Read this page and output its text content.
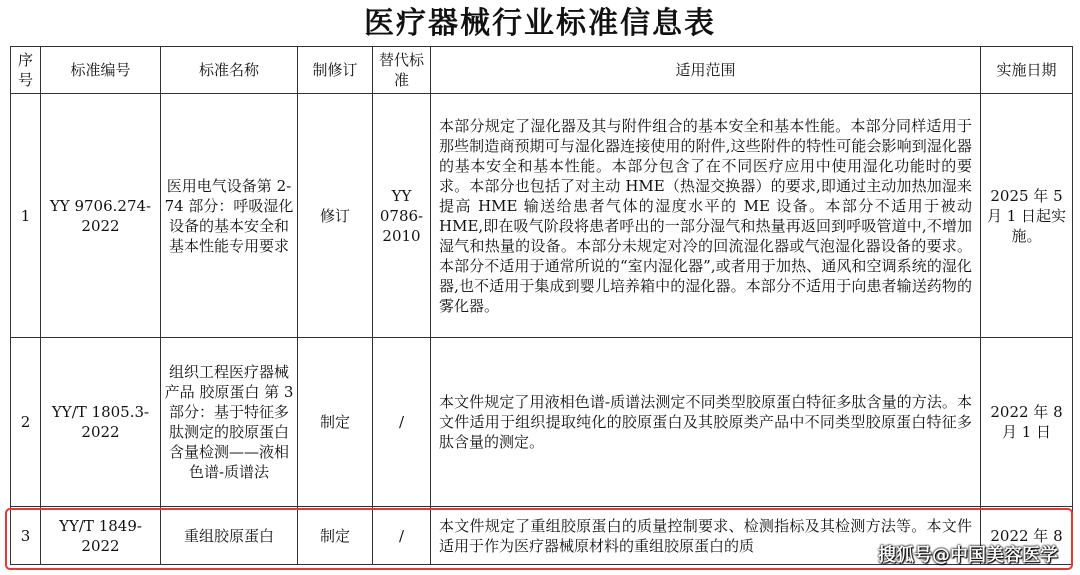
医疗器械行业标准信息表
序号	标准编号	标准名称	制修订	替代标准	适用范围	实施日期
1	YY 9706.274-2022	医用电气设备第 2-74 部分：呼吸湿化设备的基本安全和基本性能专用要求	修订	YY 0786-2010	本部分规定了湿化器及其与附件组合的基本安全和基本性能。本部分同样适用于那些制造商预期可与湿化器连接使用的附件,这些附件的特性可能会影响到湿化器的基本安全和基本性能。本部分包含了在不同医疗应用中使用湿化功能时的要求。本部分也包括了对主动 HME（热湿交换器）的要求,即通过主动加热加湿来提高 HME 输送给患者气体的湿度水平的 ME 设备。本部分不适用于被动 HME,即在吸气阶段将患者呼出的一部分湿气和热量再返回到呼吸管道中,不增加湿气和热量的设备。本部分未规定对冷的回流湿化器或气泡湿化器设备的要求。本部分不适用于通常所说的“室内湿化器”,或者用于加热、通风和空调系统的湿化器,也不适用于集成到婴儿培养箱中的湿化器。本部分不适用于向患者输送药物的雾化器。	2025 年 5 月 1 日起实施。
2	YY/T 1805.3-2022	组织工程医疗器械产品 胶原蛋白 第 3 部分：基于特征多肽测定的胶原蛋白含量检测——液相色谱-质谱法	制定	/	本文件规定了用液相色谱-质谱法测定不同类型胶原蛋白特征多肽含量的方法。本文件适用于组织提取纯化的胶原蛋白及其胶原类产品中不同类型胶原蛋白特征多肽含量的测定。	2022 年 8 月 1 日
3	YY/T 1849-2022	重组胶原蛋白	制定	/	本文件规定了重组胶原蛋白的质量控制要求、检测指标及其检测方法等。本文件适用于作为医疗器械原材料的重组胶原蛋白的质	2022 年 8
搜狐号@中国美容医学
